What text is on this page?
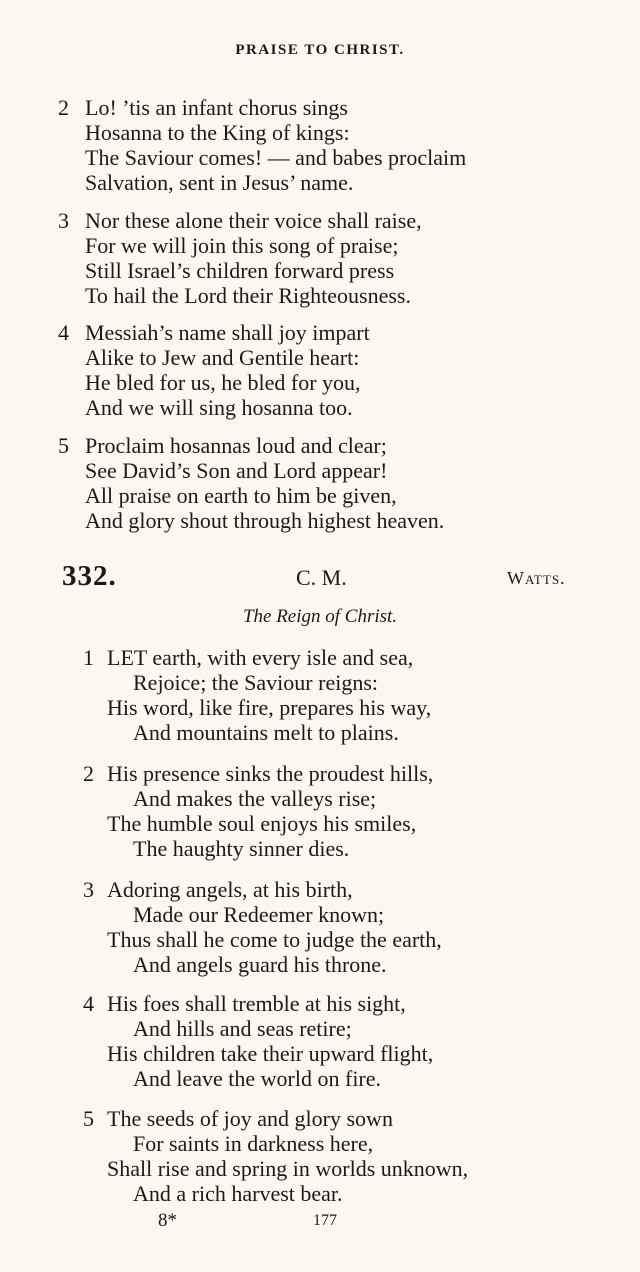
PRAISE TO CHRIST.
2 Lo! ’tis an infant chorus sings
Hosanna to the King of kings:
The Saviour comes! — and babes proclaim
Salvation, sent in Jesus’ name.
3 Nor these alone their voice shall raise,
For we will join this song of praise;
Still Israel’s children forward press
To hail the Lord their Righteousness.
4 Messiah’s name shall joy impart
Alike to Jew and Gentile heart:
He bled for us, he bled for you,
And we will sing hosanna too.
5 Proclaim hosannas loud and clear;
See David’s Son and Lord appear!
All praise on earth to him be given,
And glory shout through highest heaven.
332.	C. M.	Watts.
The Reign of Christ.
1 LET earth, with every isle and sea,
Rejoice; the Saviour reigns:
His word, like fire, prepares his way,
And mountains melt to plains.
2 His presence sinks the proudest hills,
And makes the valleys rise;
The humble soul enjoys his smiles,
The haughty sinner dies.
3 Adoring angels, at his birth,
Made our Redeemer known;
Thus shall he come to judge the earth,
And angels guard his throne.
4 His foes shall tremble at his sight,
And hills and seas retire;
His children take their upward flight,
And leave the world on fire.
5 The seeds of joy and glory sown
For saints in darkness here,
Shall rise and spring in worlds unknown,
And a rich harvest bear.
8*	177
